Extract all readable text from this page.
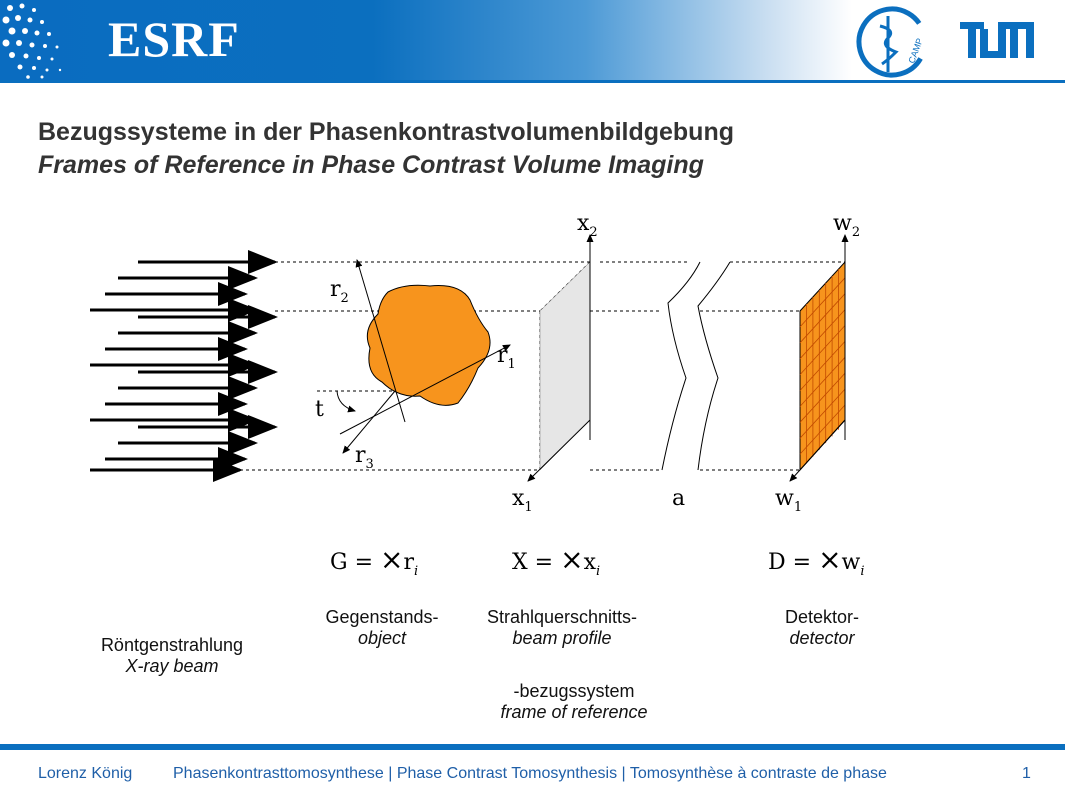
ESRF	CAMP
Bezugssysteme in der Phasenkontrastvolumenbildgebung
Frames of Reference in Phase Contrast Volume Imaging
$r_2$
$r_1$
$r_3$
t
$x_2$
$x_1$	a
$w_2$
$w_1$
$G = \times r_i$	$X = \times x_i$	$D = \times w_i$
Röntgenstrahlung
X-ray beam
Gegenstands-
object
Strahlquerschnitts-
beam profile
Detektor-
detector
-bezugssystem
frame of reference
Lorenz König	Phasenkontrasttomosynthese | Phase Contrast Tomosynthesis | Tomosynthèse à contraste de phase	1
